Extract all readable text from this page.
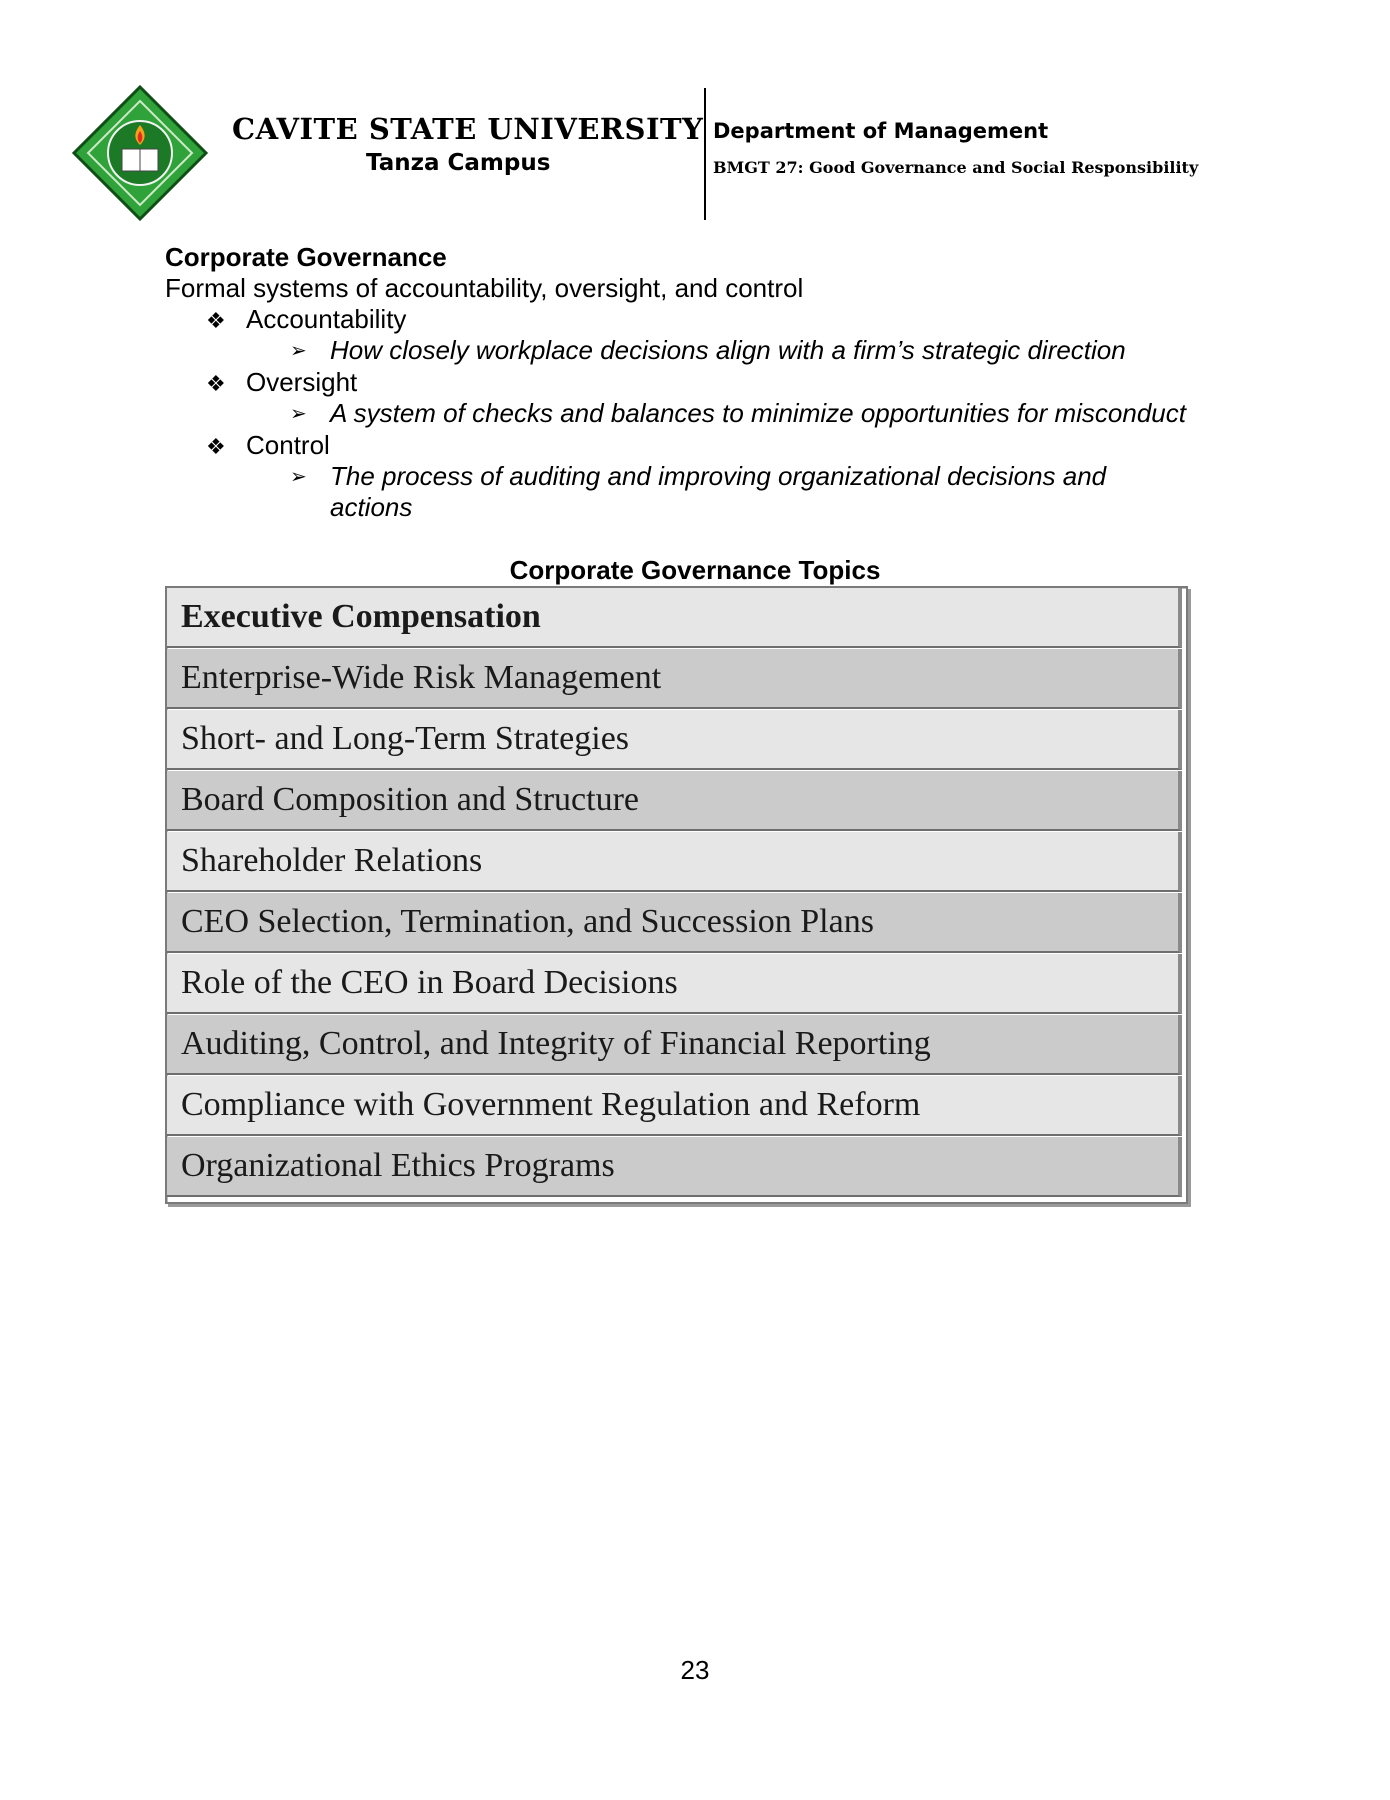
CAVITE STATE UNIVERSITY
Tanza Campus
Department of Management
BMGT 27: Good Governance and Social Responsibility
Corporate Governance
Formal systems of accountability, oversight, and control
❖ Accountability
➢ How closely workplace decisions align with a firm’s strategic direction
❖ Oversight
➢ A system of checks and balances to minimize opportunities for misconduct
❖ Control
➢ The process of auditing and improving organizational decisions and
actions
Corporate Governance Topics
Executive Compensation
Enterprise-Wide Risk Management
Short- and Long-Term Strategies
Board Composition and Structure
Shareholder Relations
CEO Selection, Termination, and Succession Plans
Role of the CEO in Board Decisions
Auditing, Control, and Integrity of Financial Reporting
Compliance with Government Regulation and Reform
Organizational Ethics Programs
23
